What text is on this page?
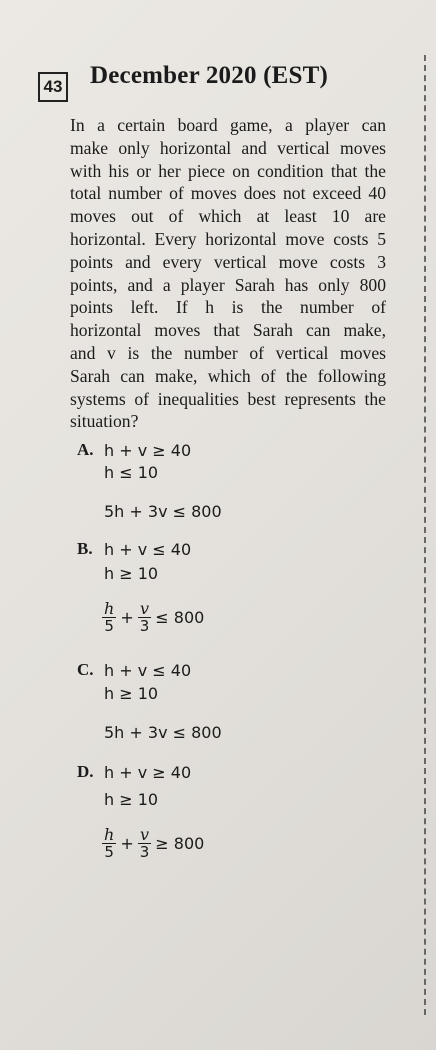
43 December 2020 (EST)
In a certain board game, a player can
make only horizontal and vertical moves
with his or her piece on condition that the
total number of moves does not exceed 40
moves out of which at least 10 are
horizontal. Every horizontal move costs 5
points and every vertical move costs 3
points, and a player Sarah has only 800
points left. If h is the number of
horizontal moves that Sarah can make,
and v is the number of vertical moves
Sarah can make, which of the following
systems of inequalities best represents the
situation?
A. h + v ≥ 40
h ≤ 10
5h + 3v ≤ 800
B. h + v ≤ 40
h ≥ 10
$\frac{h}{5} + \frac{v}{3} \le 800$
C. h + v ≤ 40
h ≥ 10
5h + 3v ≤ 800
D. h + v ≥ 40
h ≥ 10
$\frac{h}{5} + \frac{v}{3} \ge 800$
